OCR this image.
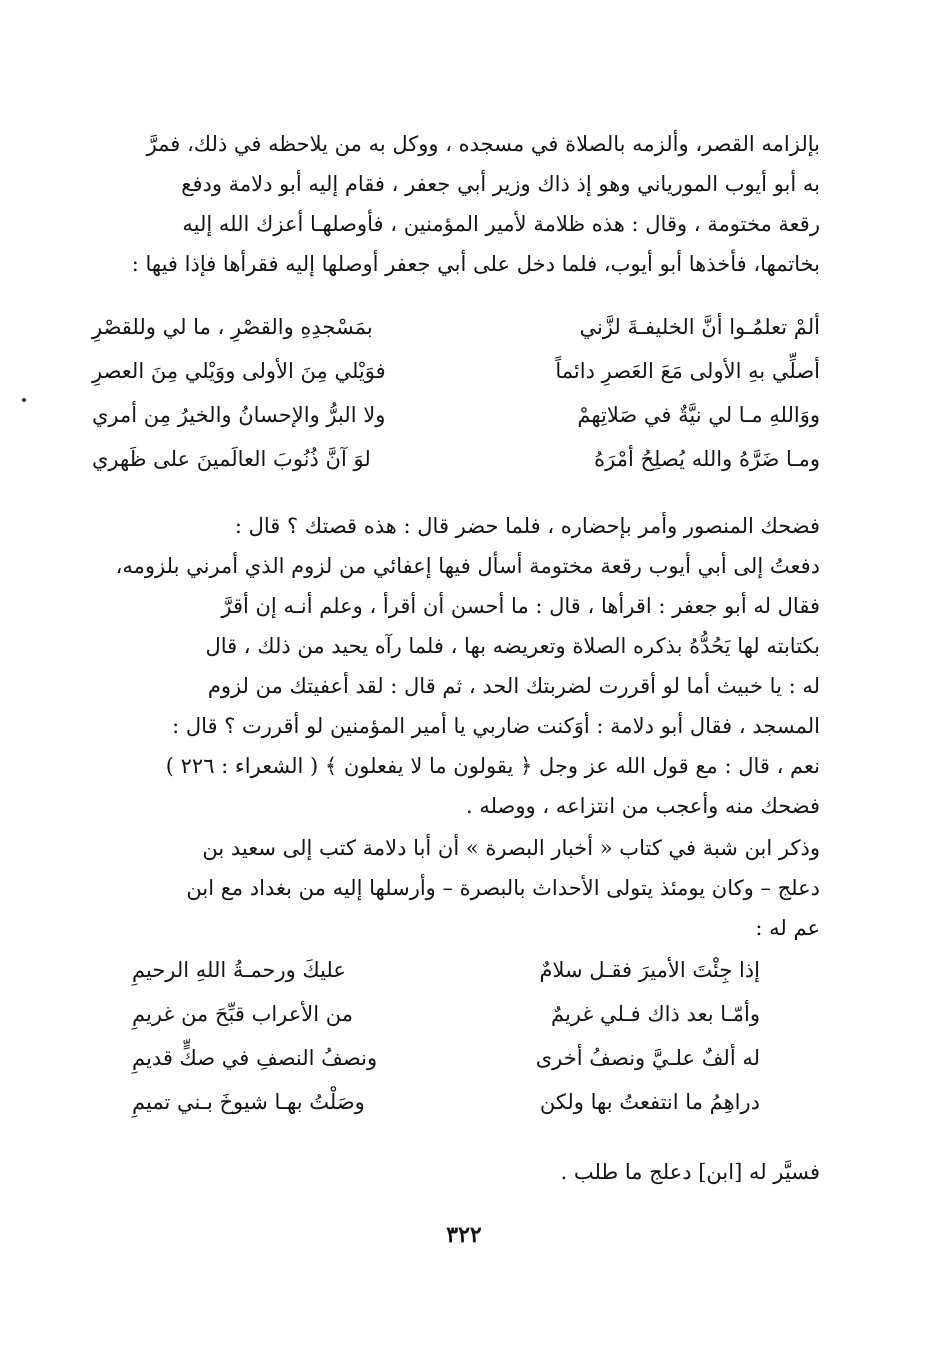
بإلزامه القصر، وألزمه بالصلاة في مسجده ، ووكل به من يلاحظه في ذلك، فمرَّ
به أبو أيوب المورياني وهو إذ ذاك وزير أبي جعفر ، فقام إليه أبو دلامة ودفع
رقعة مختومة ، وقال : هذه ظلامة لأمير المؤمنين ، فأوصلهـا أعزك الله إليه
بخاتمها، فأخذها أبو أيوب، فلما دخل على أبي جعفر أوصلها إليه فقرأها فإذا فيها :
ألمْ تعلمُـوا أنَّ الخليفـةَ لزَّني
بمَسْجدِهِ والقصْرِ ، ما لي وللقصْرِ
أصلِّي بهِ الأولى مَعَ العَصرِ دائماً
فوَيْلي مِنَ الأولى ووَيْلي مِنَ العصرِ
ووَاللهِ مـا لي نيَّةٌ في صَلاتِهمْ
ولا البرُّ والإحسانُ والخيرُ مِن أمري
ومـا ضَرَّهُ والله يُصلِحُ أمْرَهُ
لوَ آنَّ ذُنُوبَ العالَمينَ على ظَهري
فضحك المنصور وأمر بإحضاره ، فلما حضر قال : هذه قصتك ؟ قال :
دفعتُ إلى أبي أيوب رقعة مختومة أسأل فيها إعفائي من لزوم الذي أمرني بلزومه،
فقال له أبو جعفر : اقرأها ، قال : ما أحسن أن أقرأ ، وعلم أنـه إن أقرَّ
بكتابته لها يَحُدُّهُ بذكره الصلاة وتعريضه بها ، فلما رآه يحيد من ذلك ، قال
له : يا خبيث أما لو أقررت لضربتك الحد ، ثم قال : لقد أعفيتك من لزوم
المسجد ، فقال أبو دلامة : أوَكنت ضاربي يا أمير المؤمنين لو أقررت ؟ قال :
نعم ، قال : مع قول الله عز وجل ﴿ يقولون ما لا يفعلون ﴾ ( الشعراء : ٢٢٦ )
فضحك منه وأعجب من انتزاعه ، ووصله .
وذكر ابن شبة في كتاب « أخبار البصرة » أن أبا دلامة كتب إلى سعيد بن
دعلج – وكان يومئذ يتولى الأحداث بالبصرة – وأرسلها إليه من بغداد مع ابن
عم له :
إذا جِئْتَ الأميرَ فقـل سلامٌ
عليكَ ورحمـةُ اللهِ الرحيمِ
وأمّـا بعد ذاك فـلي غريمٌ
من الأعراب قبِّحَ من غريمِ
له ألفٌ علـيَّ ونصفُ أخرى
ونصفُ النصفِ في صكٍّ قديمِ
دراهِمُ ما انتفعتُ بها ولكن
وصَلْتُ بهـا شيوخَ بـني تميمِ
فسيَّر له [ابن] دعلج ما طلب .
٣٢٢
